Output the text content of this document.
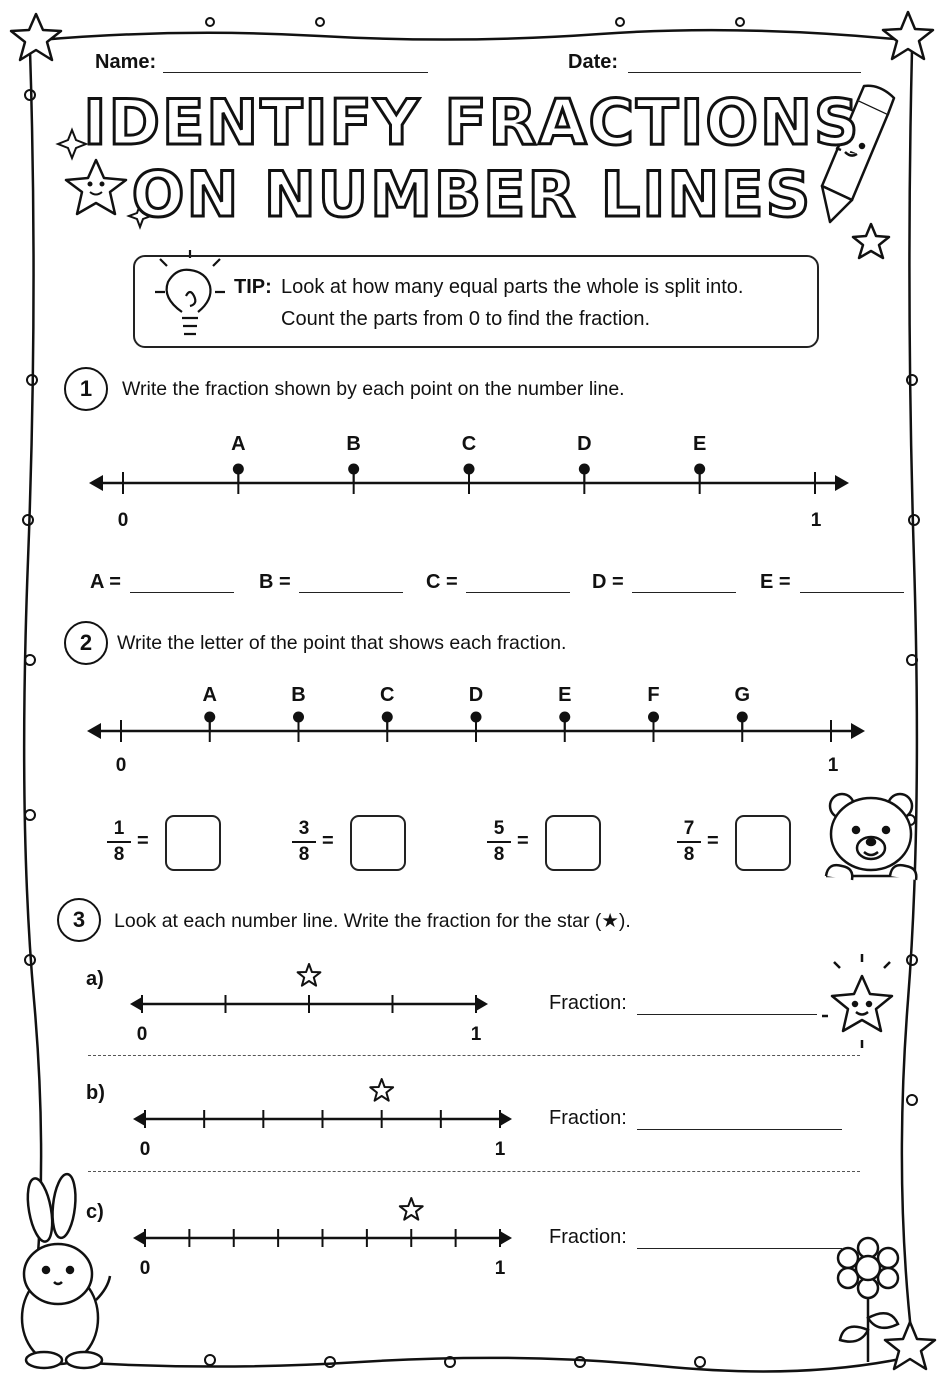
Name:	Date:
IDENTIFY FRACTIONS
ON NUMBER LINES
TIP: Look at how many equal parts the whole is split into.
Count the parts from 0 to find the fraction.
1	Write the fraction shown by each point on the number line.
0	1
A	B	C	D	E
A =	B =	C =	D =	E =
2	Write the letter of the point that shows each fraction.
0	1
A	B	C	D	E	F	G
1
8
=
3
8
=
5
8
=
7
8
=
3	Look at each number line. Write the fraction for the star (★).
a)
0	1
Fraction:
b)
0	1
Fraction:
c)
0	1
Fraction:
